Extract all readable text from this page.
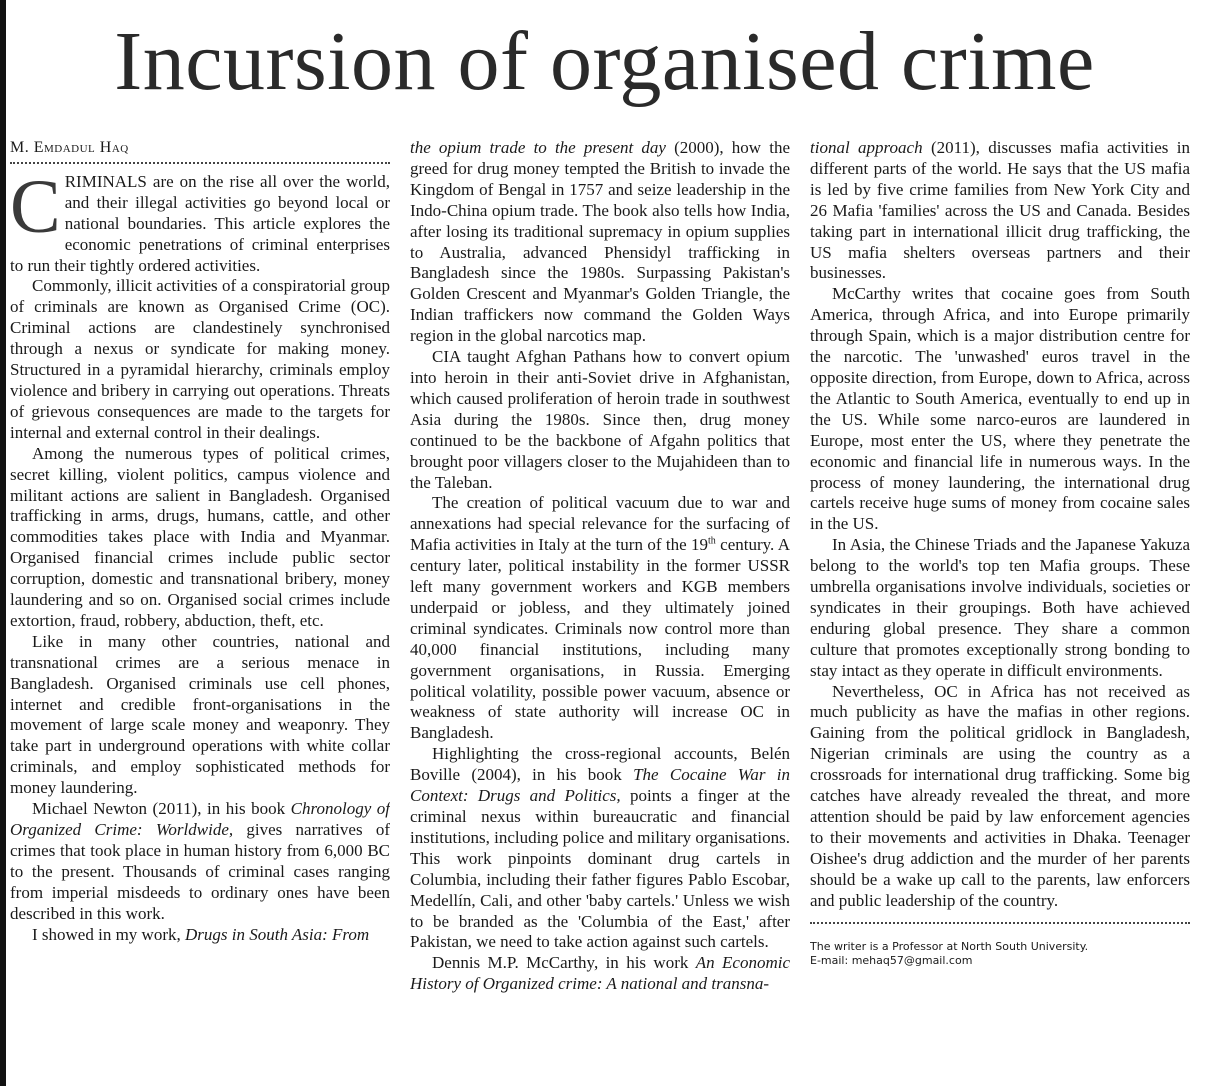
Incursion of organised crime
M. Emdadul Haq

CRIMINALS are on the rise all over the world, and their illegal activities go beyond local or national boundaries. This article explores the economic penetrations of criminal enterprises to run their tightly ordered activities.

Commonly, illicit activities of a conspiratorial group of criminals are known as Organised Crime (OC). Criminal actions are clandestinely synchronised through a nexus or syndicate for making money. Structured in a pyramidal hierarchy, criminals employ violence and bribery in carrying out operations. Threats of grievous consequences are made to the targets for internal and external control in their dealings.

Among the numerous types of political crimes, secret killing, violent politics, campus violence and militant actions are salient in Bangladesh. Organised trafficking in arms, drugs, humans, cattle, and other commodities takes place with India and Myanmar. Organised financial crimes include public sector corruption, domestic and transnational bribery, money laundering and so on. Organised social crimes include extortion, fraud, robbery, abduction, theft, etc.

Like in many other countries, national and transnational crimes are a serious menace in Bangladesh. Organised criminals use cell phones, internet and credible front-organisations in the movement of large scale money and weaponry. They take part in underground operations with white collar criminals, and employ sophisticated methods for money laundering.

Michael Newton (2011), in his book Chronology of Organized Crime: Worldwide, gives narratives of crimes that took place in human history from 6,000 BC to the present. Thousands of criminal cases ranging from imperial misdeeds to ordinary ones have been described in this work.

I showed in my work, Drugs in South Asia: From

the opium trade to the present day (2000), how the greed for drug money tempted the British to invade the Kingdom of Bengal in 1757 and seize leadership in the Indo-China opium trade. The book also tells how India, after losing its traditional supremacy in opium supplies to Australia, advanced Phensidyl trafficking in Bangladesh since the 1980s. Surpassing Pakistan's Golden Crescent and Myanmar's Golden Triangle, the Indian traffickers now command the Golden Ways region in the global narcotics map.

CIA taught Afghan Pathans how to convert opium into heroin in their anti-Soviet drive in Afghanistan, which caused proliferation of heroin trade in southwest Asia during the 1980s. Since then, drug money continued to be the backbone of Afgahn politics that brought poor villagers closer to the Mujahideen than to the Taleban.

The creation of political vacuum due to war and annexations had special relevance for the surfacing of Mafia activities in Italy at the turn of the 19th century. A century later, political instability in the former USSR left many government workers and KGB members underpaid or jobless, and they ultimately joined criminal syndicates. Criminals now control more than 40,000 financial institutions, including many government organisations, in Russia. Emerging political volatility, possible power vacuum, absence or weakness of state authority will increase OC in Bangladesh.

Highlighting the cross-regional accounts, Belén Boville (2004), in his book The Cocaine War in Context: Drugs and Politics, points a finger at the criminal nexus within bureaucratic and financial institutions, including police and military organisations. This work pinpoints dominant drug cartels in Columbia, including their father figures Pablo Escobar, Medellín, Cali, and other 'baby cartels.' Unless we wish to be branded as the 'Columbia of the East,' after Pakistan, we need to take action against such cartels.

Dennis M.P. McCarthy, in his work An Economic History of Organized crime: A national and transna-

tional approach (2011), discusses mafia activities in different parts of the world. He says that the US mafia is led by five crime families from New York City and 26 Mafia 'families' across the US and Canada. Besides taking part in international illicit drug trafficking, the US mafia shelters overseas partners and their businesses.

McCarthy writes that cocaine goes from South America, through Africa, and into Europe primarily through Spain, which is a major distribution centre for the narcotic. The 'unwashed' euros travel in the opposite direction, from Europe, down to Africa, across the Atlantic to South America, eventually to end up in the US. While some narco-euros are laundered in Europe, most enter the US, where they penetrate the economic and financial life in numerous ways. In the process of money laundering, the international drug cartels receive huge sums of money from cocaine sales in the US.

In Asia, the Chinese Triads and the Japanese Yakuza belong to the world's top ten Mafia groups. These umbrella organisations involve individuals, societies or syndicates in their groupings. Both have achieved enduring global presence. They share a common culture that promotes exceptionally strong bonding to stay intact as they operate in difficult environments.

Nevertheless, OC in Africa has not received as much publicity as have the mafias in other regions. Gaining from the political gridlock in Bangladesh, Nigerian criminals are using the country as a crossroads for international drug trafficking. Some big catches have already revealed the threat, and more attention should be paid by law enforcement agencies to their movements and activities in Dhaka. Teenager Oishee's drug addiction and the murder of her parents should be a wake up call to the parents, law enforcers and public leadership of the country.

The writer is a Professor at North South University.

E-mail: mehaq57@gmail.com
